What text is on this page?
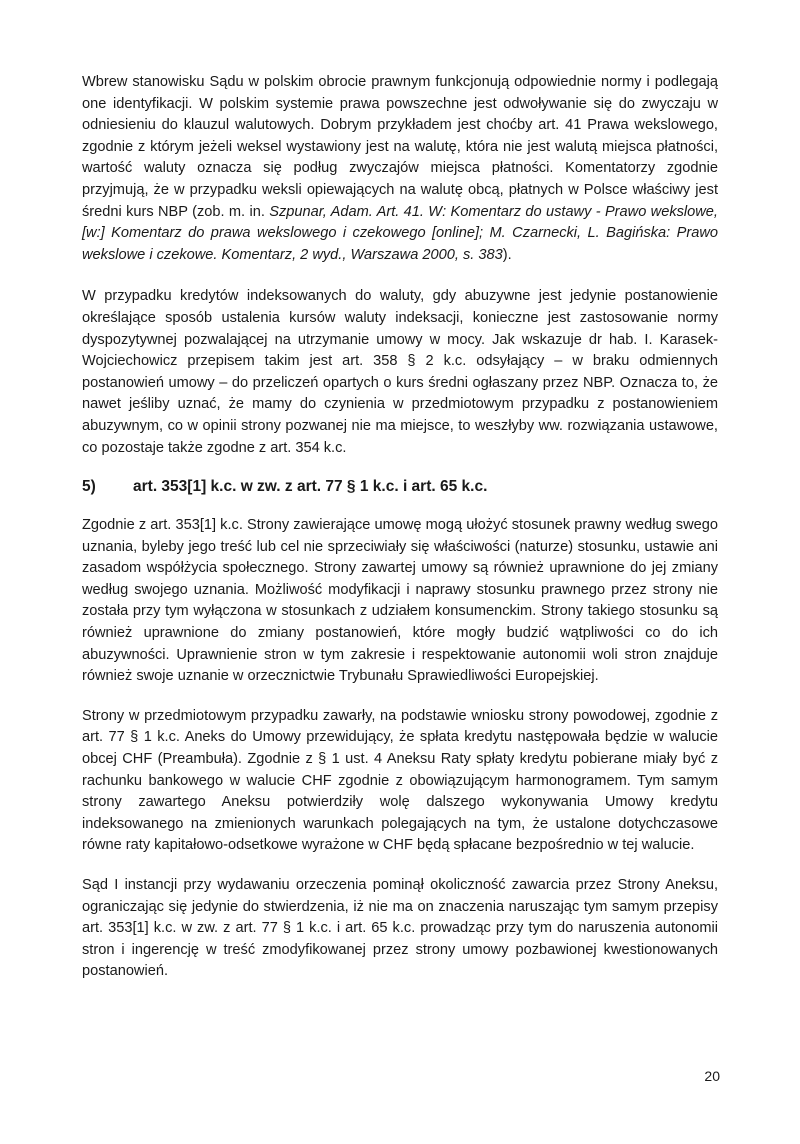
Wbrew stanowisku Sądu w polskim obrocie prawnym funkcjonują odpowiednie normy i podlegają one identyfikacji. W polskim systemie prawa powszechne jest odwoływanie się do zwyczaju w odniesieniu do klauzul walutowych. Dobrym przykładem jest choćby art. 41 Prawa wekslowego, zgodnie z którym jeżeli weksel wystawiony jest na walutę, która nie jest walutą miejsca płatności, wartość waluty oznacza się podług zwyczajów miejsca płatności. Komentatorzy zgodnie przyjmują, że w przypadku weksli opiewających na walutę obcą, płatnych w Polsce właściwy jest średni kurs NBP (zob. m. in. Szpunar, Adam. Art. 41. W: Komentarz do ustawy - Prawo wekslowe, [w:] Komentarz do prawa wekslowego i czekowego [online]; M. Czarnecki, L. Bagińska: Prawo wekslowe i czekowe. Komentarz, 2 wyd., Warszawa 2000, s. 383).

W przypadku kredytów indeksowanych do waluty, gdy abuzywne jest jedynie postanowienie określające sposób ustalenia kursów waluty indeksacji, konieczne jest zastosowanie normy dyspozytywnej pozwalającej na utrzymanie umowy w mocy. Jak wskazuje dr hab. I. Karasek-Wojciechowicz przepisem takim jest art. 358 § 2 k.c. odsyłający – w braku odmiennych postanowień umowy – do przeliczeń opartych o kurs średni ogłaszany przez NBP. Oznacza to, że nawet jeśliby uznać, że mamy do czynienia w przedmiotowym przypadku z postanowieniem abuzywnym, co w opinii strony pozwanej nie ma miejsce, to weszłyby ww. rozwiązania ustawowe, co pozostaje także zgodne z art. 354 k.c.

5)	art. 353[1] k.c. w zw. z art. 77 § 1 k.c. i art. 65 k.c.

Zgodnie z art. 353[1] k.c. Strony zawierające umowę mogą ułożyć stosunek prawny według swego uznania, byleby jego treść lub cel nie sprzeciwiały się właściwości (naturze) stosunku, ustawie ani zasadom współżycia społecznego. Strony zawartej umowy są również uprawnione do jej zmiany według swojego uznania. Możliwość modyfikacji i naprawy stosunku prawnego przez strony nie została przy tym wyłączona w stosunkach z udziałem konsumenckim. Strony takiego stosunku są również uprawnione do zmiany postanowień, które mogły budzić wątpliwości co do ich abuzywności. Uprawnienie stron w tym zakresie i respektowanie autonomii woli stron znajduje również swoje uznanie w orzecznictwie Trybunału Sprawiedliwości Europejskiej.

Strony w przedmiotowym przypadku zawarły, na podstawie wniosku strony powodowej, zgodnie z art. 77 § 1 k.c. Aneks do Umowy przewidujący, że spłata kredytu następowała będzie w walucie obcej CHF (Preambuła). Zgodnie z § 1 ust. 4 Aneksu Raty spłaty kredytu pobierane miały być z rachunku bankowego w walucie CHF zgodnie z obowiązującym harmonogramem. Tym samym strony zawartego Aneksu potwierdziły wolę dalszego wykonywania Umowy kredytu indeksowanego na zmienionych warunkach polegających na tym, że ustalone dotychczasowe równe raty kapitałowo-odsetkowe wyrażone w CHF będą spłacane bezpośrednio w tej walucie.

Sąd I instancji przy wydawaniu orzeczenia pominął okoliczność zawarcia przez Strony Aneksu, ograniczając się jedynie do stwierdzenia, iż nie ma on znaczenia naruszając tym samym przepisy art. 353[1] k.c. w zw. z art. 77 § 1 k.c. i art. 65 k.c. prowadząc przy tym do naruszenia autonomii stron i ingerencję w treść zmodyfikowanej przez strony umowy pozbawionej kwestionowanych postanowień.

20
